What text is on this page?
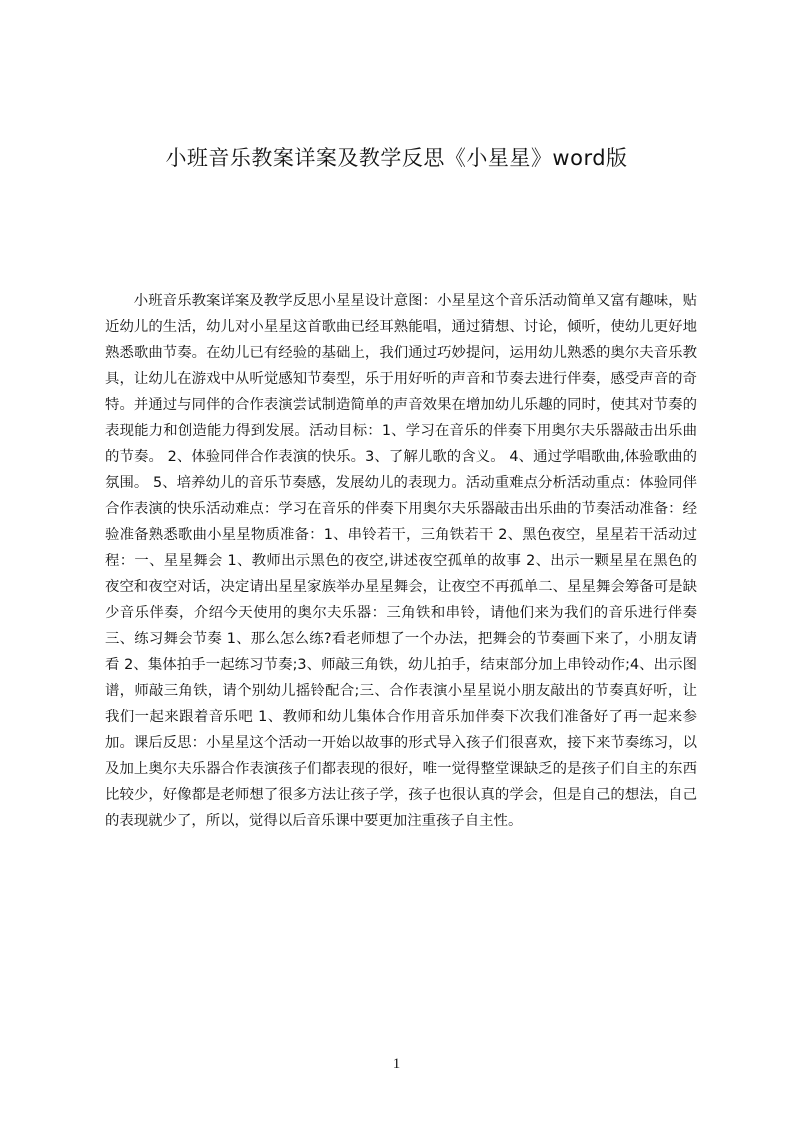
小班音乐教案详案及教学反思《小星星》word版

小班音乐教案详案及教学反思小星星设计意图：小星星这个音乐活动简单又富有趣味，贴近幼儿的生活，幼儿对小星星这首歌曲已经耳熟能唱，通过猜想、讨论，倾听，使幼儿更好地熟悉歌曲节奏。在幼儿已有经验的基础上，我们通过巧妙提问，运用幼儿熟悉的奥尔夫音乐教具，让幼儿在游戏中从听觉感知节奏型，乐于用好听的声音和节奏去进行伴奏，感受声音的奇特。并通过与同伴的合作表演尝试制造简单的声音效果在增加幼儿乐趣的同时，使其对节奏的表现能力和创造能力得到发展。活动目标：1、学习在音乐的伴奏下用奥尔夫乐器敲击出乐曲的节奏。 2、体验同伴合作表演的快乐。3、了解儿歌的含义。 4、通过学唱歌曲,体验歌曲的氛围。 5、培养幼儿的音乐节奏感，发展幼儿的表现力。活动重难点分析活动重点：体验同伴合作表演的快乐活动难点：学习在音乐的伴奏下用奥尔夫乐器敲击出乐曲的节奏活动准备：经验准备熟悉歌曲小星星物质准备：1、串铃若干，三角铁若干 2、黑色夜空，星星若干活动过程：一、星星舞会 1、教师出示黑色的夜空,讲述夜空孤单的故事 2、出示一颗星星在黑色的夜空和夜空对话，决定请出星星家族举办星星舞会，让夜空不再孤单二、星星舞会筹备可是缺少音乐伴奏，介绍今天使用的奥尔夫乐器：三角铁和串铃，请他们来为我们的音乐进行伴奏三、练习舞会节奏 1、那么怎么练?看老师想了一个办法，把舞会的节奏画下来了，小朋友请看 2、集体拍手一起练习节奏;3、师敲三角铁，幼儿拍手，结束部分加上串铃动作;4、出示图谱，师敲三角铁，请个别幼儿摇铃配合;三、合作表演小星星说小朋友敲出的节奏真好听，让我们一起来跟着音乐吧 1、教师和幼儿集体合作用音乐加伴奏下次我们准备好了再一起来参加。课后反思：小星星这个活动一开始以故事的形式导入孩子们很喜欢，接下来节奏练习，以及加上奥尔夫乐器合作表演孩子们都表现的很好，唯一觉得整堂课缺乏的是孩子们自主的东西比较少，好像都是老师想了很多方法让孩子学，孩子也很认真的学会，但是自己的想法，自己的表现就少了，所以，觉得以后音乐课中要更加注重孩子自主性。

1
